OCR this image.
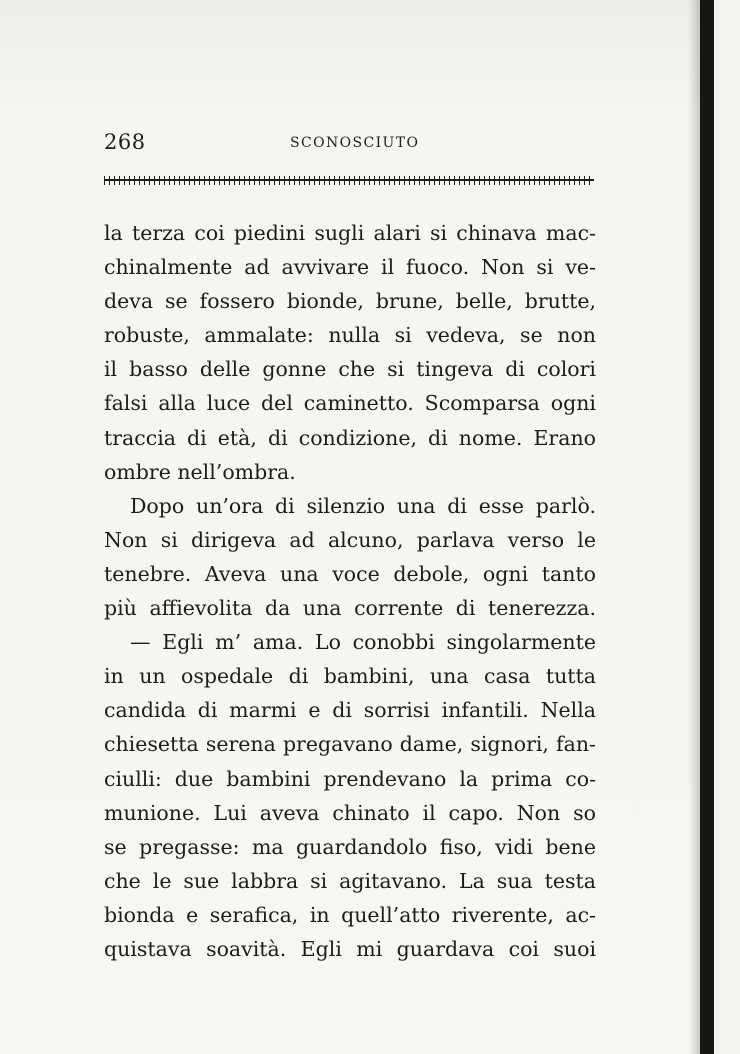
268	SCONOSCIUTO
la terza coi piedini sugli alari si chinava mac-
chinalmente ad avvivare il fuoco. Non si ve-
deva se fossero bionde, brune, belle, brutte,
robuste, ammalate: nulla si vedeva, se non
il basso delle gonne che si tingeva di colori
falsi alla luce del caminetto. Scomparsa ogni
traccia di età, di condizione, di nome. Erano
ombre nell’ombra.
Dopo un’ora di silenzio una di esse parlò.
Non si dirigeva ad alcuno, parlava verso le
tenebre. Aveva una voce debole, ogni tanto
più affievolita da una corrente di tenerezza.
— Egli m’ ama. Lo conobbi singolarmente
in un ospedale di bambini, una casa tutta
candida di marmi e di sorrisi infantili. Nella
chiesetta serena pregavano dame, signori, fan-
ciulli: due bambini prendevano la prima co-
munione. Lui aveva chinato il capo. Non so
se pregasse: ma guardandolo fiso, vidi bene
che le sue labbra si agitavano. La sua testa
bionda e serafica, in quell’atto riverente, ac-
quistava soavità. Egli mi guardava coi suoi
